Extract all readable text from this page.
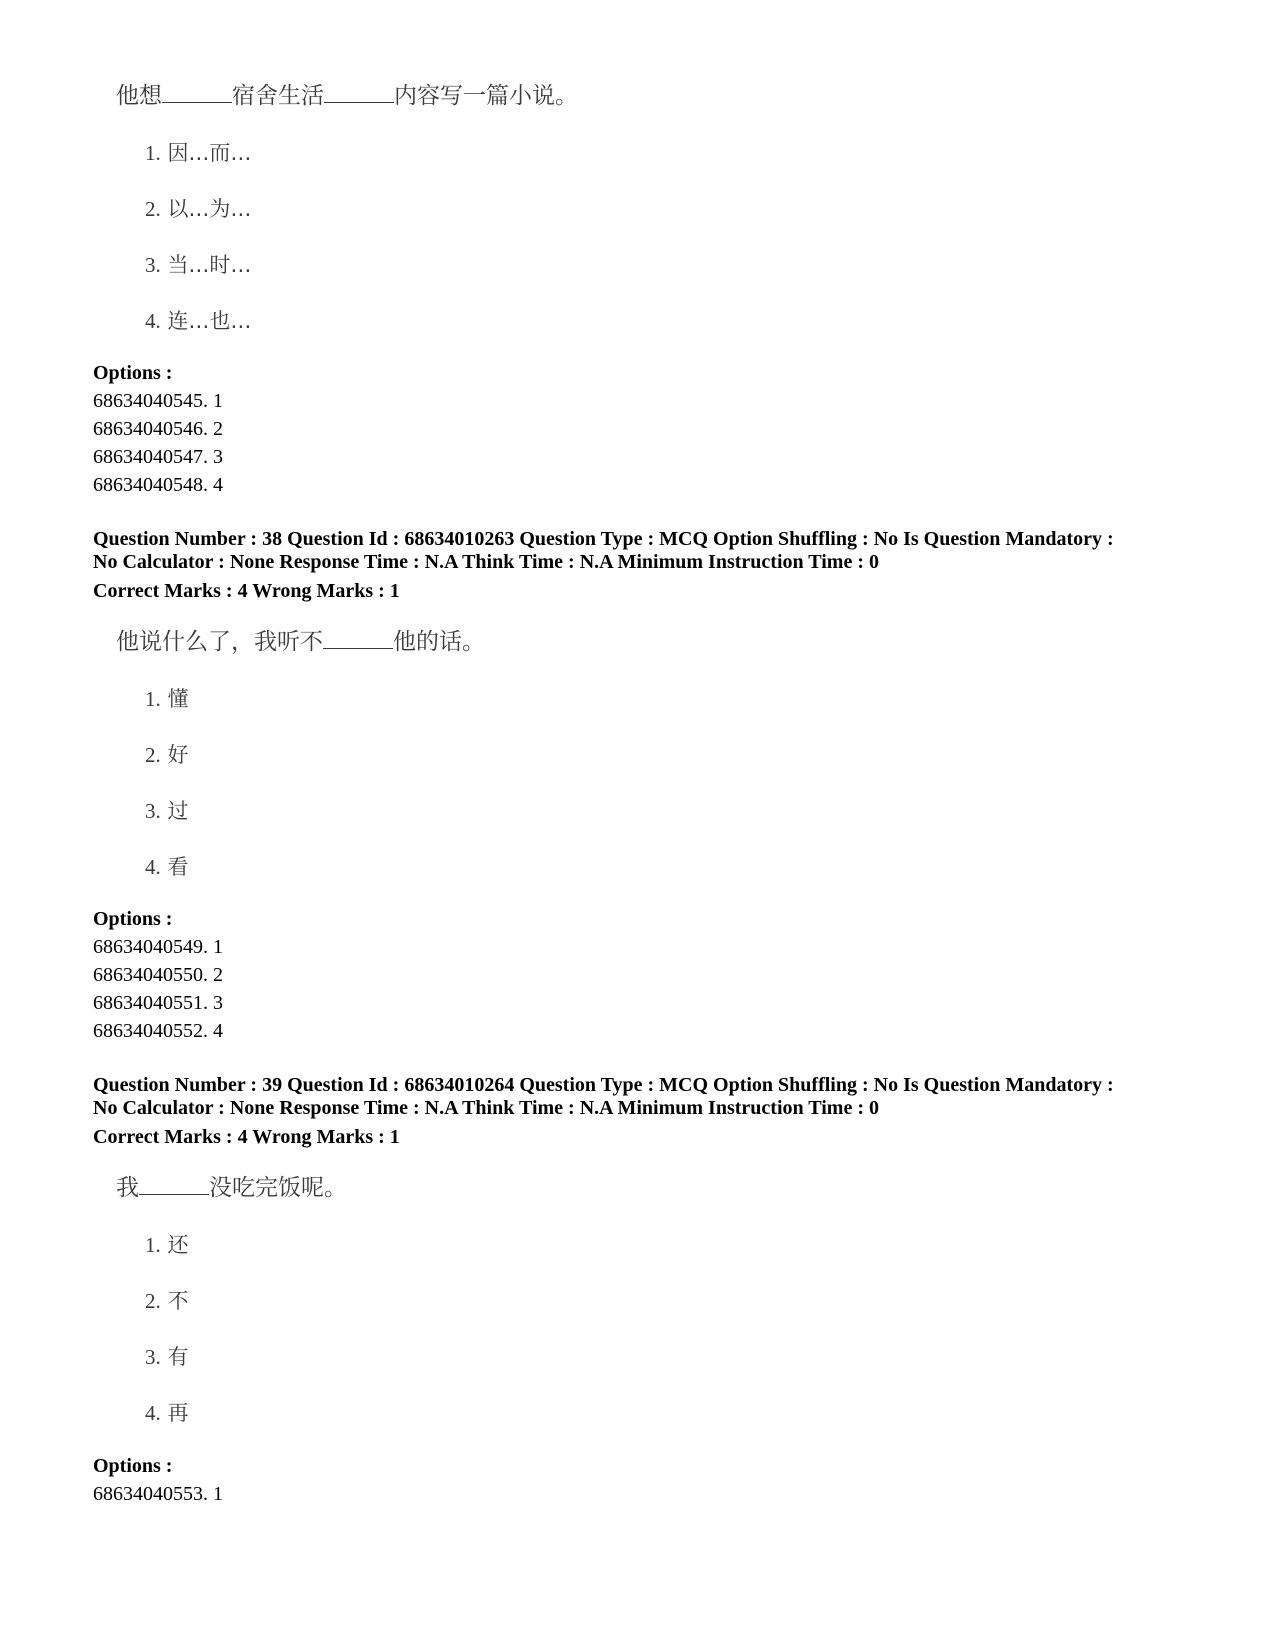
他想	宿舍生活	内容写一篇小说。
1. 因…而…
2. 以…为…
3. 当…时…
4. 连…也…
Options :
68634040545. 1
68634040546. 2
68634040547. 3
68634040548. 4
Question Number : 38 Question Id : 68634010263 Question Type : MCQ Option Shuffling : No Is Question Mandatory :
No Calculator : None Response Time : N.A Think Time : N.A Minimum Instruction Time : 0
Correct Marks : 4 Wrong Marks : 1
他说什么了，我听不	他的话。
1. 懂
2. 好
3. 过
4. 看
Options :
68634040549. 1
68634040550. 2
68634040551. 3
68634040552. 4
Question Number : 39 Question Id : 68634010264 Question Type : MCQ Option Shuffling : No Is Question Mandatory :
No Calculator : None Response Time : N.A Think Time : N.A Minimum Instruction Time : 0
Correct Marks : 4 Wrong Marks : 1
我	没吃完饭呢。
1. 还
2. 不
3. 有
4. 再
Options :
68634040553. 1
